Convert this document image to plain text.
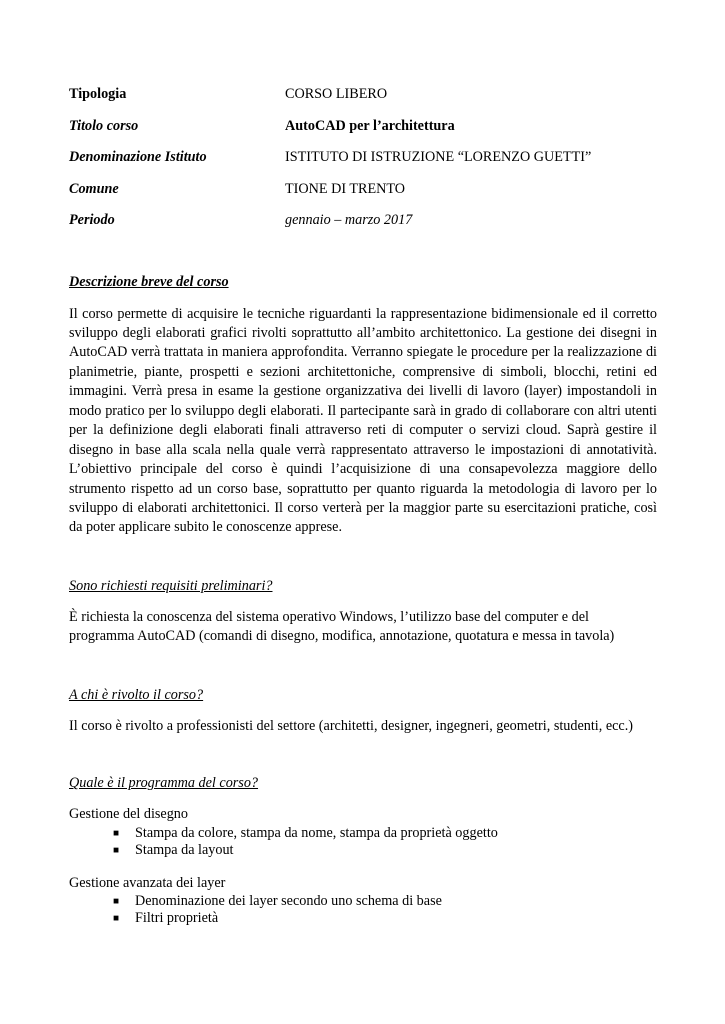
Tipologia	CORSO LIBERO
Titolo corso	AutoCAD per l’architettura
Denominazione Istituto	ISTITUTO DI ISTRUZIONE “LORENZO GUETTI”
Comune	TIONE DI TRENTO
Periodo	gennaio – marzo 2017
Descrizione breve del corso

Il corso permette di acquisire le tecniche riguardanti la rappresentazione bidimensionale ed il corretto sviluppo degli elaborati grafici rivolti soprattutto all’ambito architettonico. La gestione dei disegni in AutoCAD verrà trattata in maniera approfondita. Verranno spiegate le procedure per la realizzazione di planimetrie, piante, prospetti e sezioni architettoniche, comprensive di simboli, blocchi, retini ed immagini. Verrà presa in esame la gestione organizzativa dei livelli di lavoro (layer) impostandoli in modo pratico per lo sviluppo degli elaborati. Il partecipante sarà in grado di collaborare con altri utenti per la definizione degli elaborati finali attraverso reti di computer o servizi cloud. Saprà gestire il disegno in base alla scala nella quale verrà rappresentato attraverso le impostazioni di annotatività. L’obiettivo principale del corso è quindi l’acquisizione di una consapevolezza maggiore dello strumento rispetto ad un corso base, soprattutto per quanto riguarda la metodologia di lavoro per lo sviluppo di elaborati architettonici. Il corso verterà per la maggior parte su esercitazioni pratiche, così da poter applicare subito le conoscenze apprese.

Sono richiesti requisiti preliminari?

È richiesta la conoscenza del sistema operativo Windows, l’utilizzo base del computer e del programma AutoCAD (comandi di disegno, modifica, annotazione, quotatura e messa in tavola)

A chi è rivolto il corso?

Il corso è rivolto a professionisti del settore (architetti, designer, ingegneri, geometri, studenti, ecc.)

Quale è il programma del corso?
Gestione del disegno
■ Stampa da colore, stampa da nome, stampa da proprietà oggetto
■ Stampa da layout
Gestione avanzata dei layer
■ Denominazione dei layer secondo uno schema di base
■ Filtri proprietà
